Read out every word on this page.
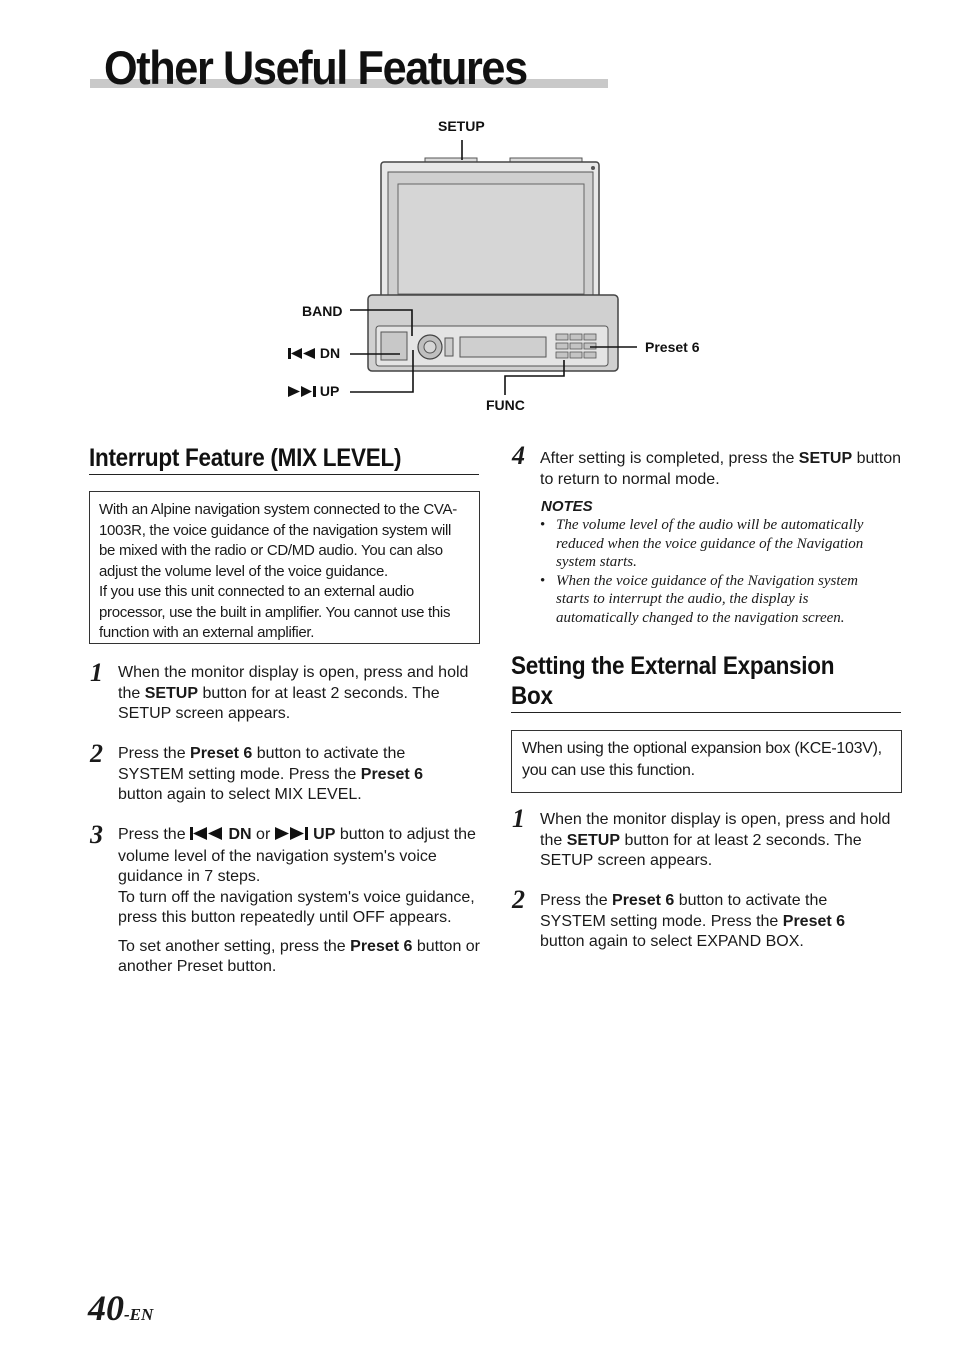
Other Useful Features
SETUP
BAND
DN
UP
Preset 6
FUNC
Interrupt Feature (MIX LEVEL)

With an Alpine navigation system connected to the CVA-1003R, the voice guidance of the navigation system will be mixed with the radio or CD/MD audio. You can also adjust the volume level of the voice guidance.

If you use this unit connected to an external audio processor, use the built in amplifier. You cannot use this function with an external amplifier.

1 When the monitor display is open, press and hold the SETUP button for at least 2 seconds. The SETUP screen appears.
2 Press the Preset 6 button to activate the SYSTEM setting mode. Press the Preset 6 button again to select MIX LEVEL.
3 Press the  DN or  UP button to adjust the volume level of the navigation system's voice guidance in 7 steps.

To turn off the navigation system's voice guidance, press this button repeatedly until OFF appears.

To set another setting, press the Preset 6 button or another Preset button.

4 After setting is completed, press the SETUP button to return to normal mode.
NOTES
• The volume level of the audio will be automatically reduced when the voice guidance of the Navigation system starts.
• When the voice guidance of the Navigation system starts to interrupt the audio, the display is automatically changed to the navigation screen.
Setting the External Expansion
Box

When using the optional expansion box (KCE-103V), you can use this function.

1 When the monitor display is open, press and hold the SETUP button for at least 2 seconds. The SETUP screen appears.
2 Press the Preset 6 button to activate the SYSTEM setting mode. Press the Preset 6 button again to select EXPAND BOX.
40-EN
